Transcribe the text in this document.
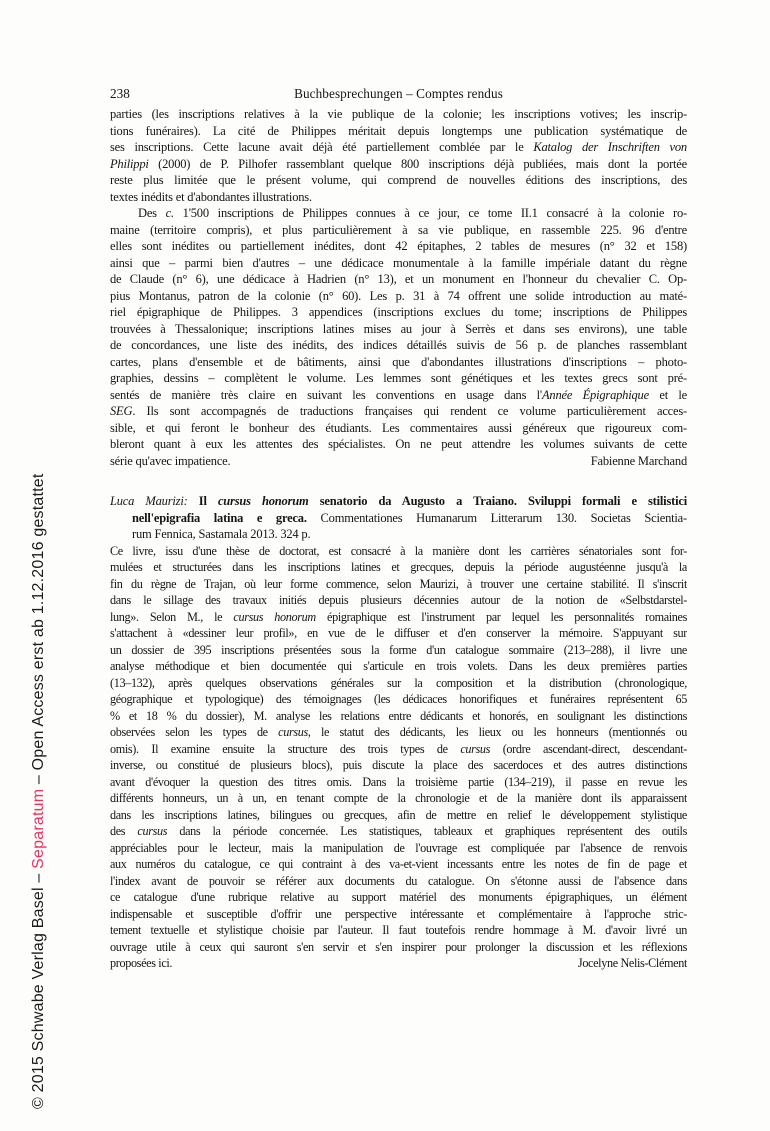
238	Buchbesprechungen – Comptes rendus
parties (les inscriptions relatives à la vie publique de la colonie; les inscriptions votives; les inscrip-
tions funéraires). La cité de Philippes méritait depuis longtemps une publication systématique de
ses inscriptions. Cette lacune avait déjà été partiellement comblée par le Katalog der Inschriften von
Philippi (2000) de P. Pilhofer rassemblant quelque 800 inscriptions déjà publiées, mais dont la portée
reste plus limitée que le présent volume, qui comprend de nouvelles éditions des inscriptions, des
textes inédits et d'abondantes illustrations.
Des c. 1'500 inscriptions de Philippes connues à ce jour, ce tome II.1 consacré à la colonie ro-
maine (territoire compris), et plus particulièrement à sa vie publique, en rassemble 225. 96 d'entre
elles sont inédites ou partiellement inédites, dont 42 épitaphes, 2 tables de mesures (n° 32 et 158)
ainsi que – parmi bien d'autres – une dédicace monumentale à la famille impériale datant du règne
de Claude (n° 6), une dédicace à Hadrien (n° 13), et un monument en l'honneur du chevalier C. Op-
pius Montanus, patron de la colonie (n° 60). Les p. 31 à 74 offrent une solide introduction au maté-
riel épigraphique de Philippes. 3 appendices (inscriptions exclues du tome; inscriptions de Philippes
trouvées à Thessalonique; inscriptions latines mises au jour à Serrès et dans ses environs), une table
de concordances, une liste des inédits, des indices détaillés suivis de 56 p. de planches rassemblant
cartes, plans d'ensemble et de bâtiments, ainsi que d'abondantes illustrations d'inscriptions – photo-
graphies, dessins – complètent le volume. Les lemmes sont génétiques et les textes grecs sont pré-
sentés de manière très claire en suivant les conventions en usage dans l'Année Épigraphique et le
SEG. Ils sont accompagnés de traductions françaises qui rendent ce volume particulièrement acces-
sible, et qui feront le bonheur des étudiants. Les commentaires aussi généreux que rigoureux com-
bleront quant à eux les attentes des spécialistes. On ne peut attendre les volumes suivants de cette
série qu'avec impatience.	Fabienne Marchand
Luca Maurizi: Il cursus honorum senatorio da Augusto a Traiano. Sviluppi formali e stilistici
nell'epigrafia latina e greca. Commentationes Humanarum Litterarum 130. Societas Scientia-
rum Fennica, Sastamala 2013. 324 p.
Ce livre, issu d'une thèse de doctorat, est consacré à la manière dont les carrières sénatoriales sont for-
mulées et structurées dans les inscriptions latines et grecques, depuis la période augustéenne jusqu'à la
fin du règne de Trajan, où leur forme commence, selon Maurizi, à trouver une certaine stabilité. Il s'inscrit
dans le sillage des travaux initiés depuis plusieurs décennies autour de la notion de «Selbstdarstel-
lung». Selon M., le cursus honorum épigraphique est l'instrument par lequel les personnalités romaines
s'attachent à «dessiner leur profil», en vue de le diffuser et d'en conserver la mémoire. S'appuyant sur
un dossier de 395 inscriptions présentées sous la forme d'un catalogue sommaire (213–288), il livre une
analyse méthodique et bien documentée qui s'articule en trois volets. Dans les deux premières parties
(13–132), après quelques observations générales sur la composition et la distribution (chronologique,
géographique et typologique) des témoignages (les dédicaces honorifiques et funéraires représentent 65
% et 18 % du dossier), M. analyse les relations entre dédicants et honorés, en soulignant les distinctions
observées selon les types de cursus, le statut des dédicants, les lieux ou les honneurs (mentionnés ou
omis). Il examine ensuite la structure des trois types de cursus (ordre ascendant-direct, descendant-
inverse, ou constitué de plusieurs blocs), puis discute la place des sacerdoces et des autres distinctions
avant d'évoquer la question des titres omis. Dans la troisième partie (134–219), il passe en revue les
différents honneurs, un à un, en tenant compte de la chronologie et de la manière dont ils apparaissent
dans les inscriptions latines, bilingues ou grecques, afin de mettre en relief le développement stylistique
des cursus dans la période concernée. Les statistiques, tableaux et graphiques représentent des outils
appréciables pour le lecteur, mais la manipulation de l'ouvrage est compliquée par l'absence de renvois
aux numéros du catalogue, ce qui contraint à des va-et-vient incessants entre les notes de fin de page et
l'index avant de pouvoir se référer aux documents du catalogue. On s'étonne aussi de l'absence dans
ce catalogue d'une rubrique relative au support matériel des monuments épigraphiques, un élément
indispensable et susceptible d'offrir une perspective intéressante et complémentaire à l'approche stric-
tement textuelle et stylistique choisie par l'auteur. Il faut toutefois rendre hommage à M. d'avoir livré un
ouvrage utile à ceux qui sauront s'en servir et s'en inspirer pour prolonger la discussion et les réflexions
proposées ici.	Jocelyne Nelis-Clément
© 2015 Schwabe Verlag Basel – Separatum – Open Access erst ab 1.12.2016 gestattet
